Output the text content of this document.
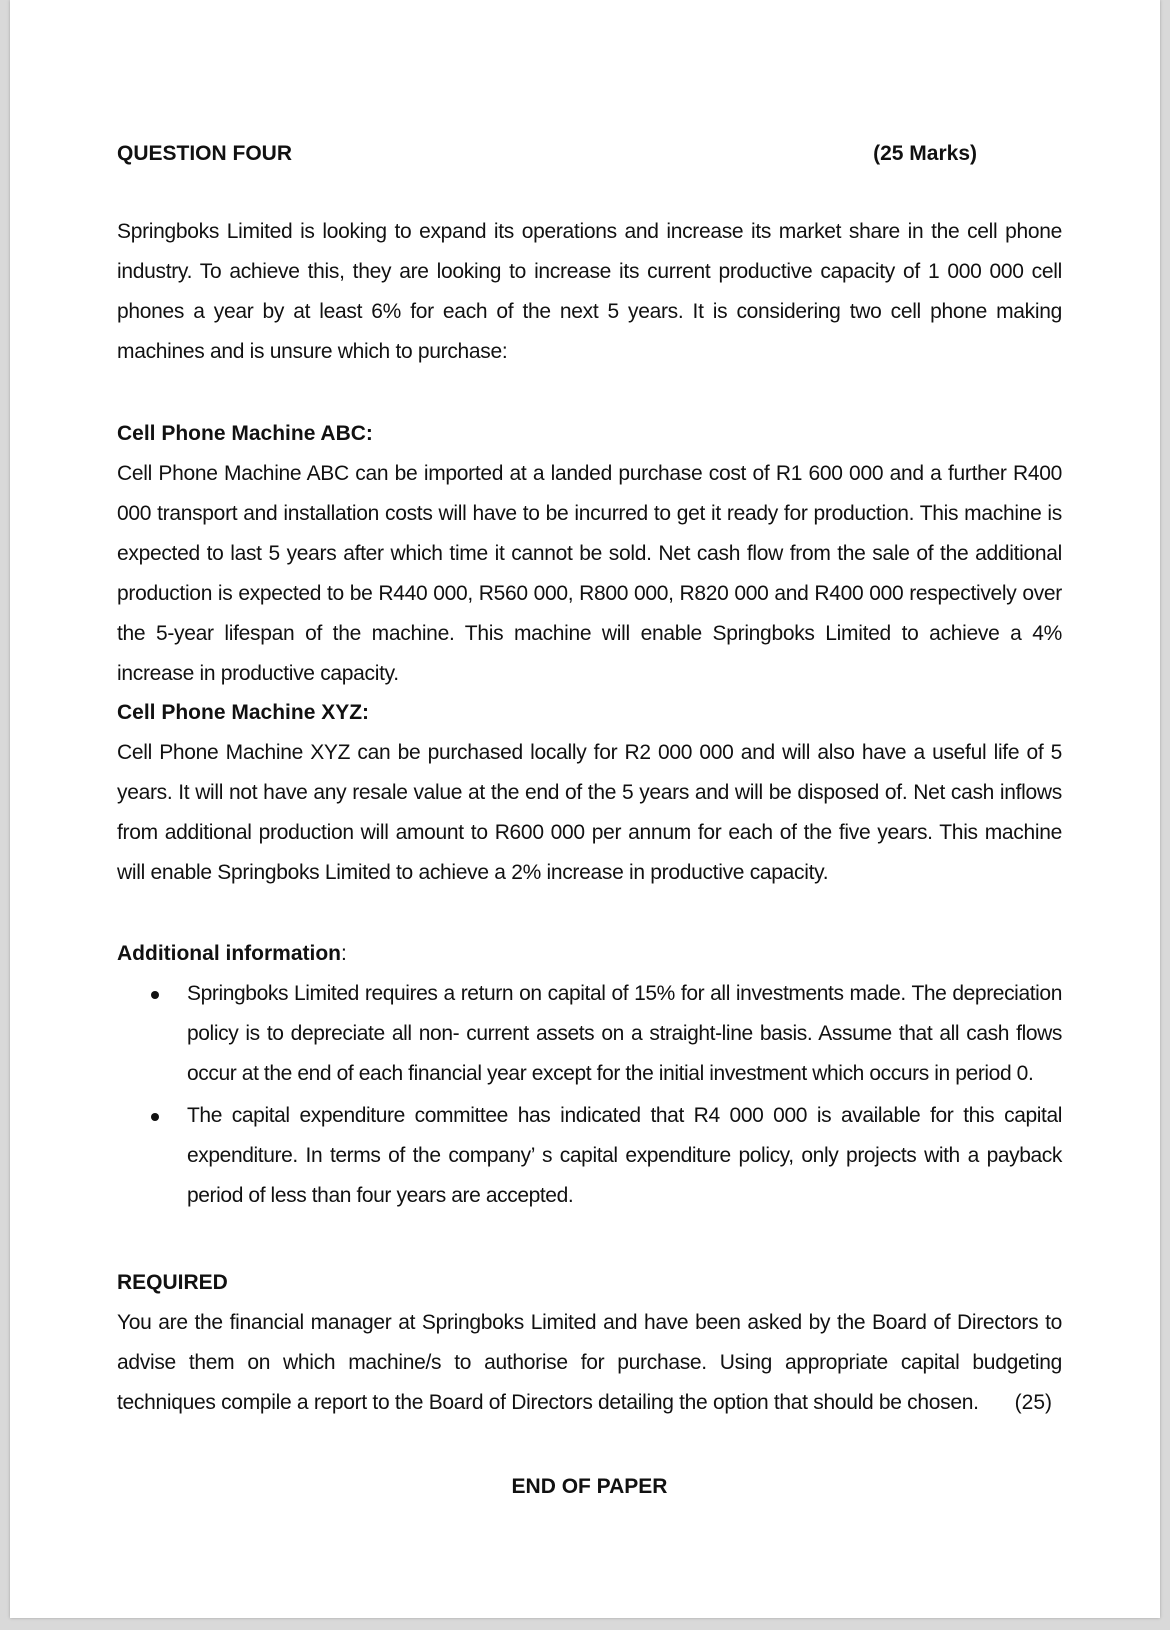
QUESTION FOUR	(25 Marks)

Springboks Limited is looking to expand its operations and increase its market share in the cell phone industry. To achieve this, they are looking to increase its current productive capacity of 1 000 000 cell phones a year by at least 6% for each of the next 5 years. It is considering two cell phone making machines and is unsure which to purchase:

Cell Phone Machine ABC:

Cell Phone Machine ABC can be imported at a landed purchase cost of R1 600 000 and a further R400 000 transport and installation costs will have to be incurred to get it ready for production. This machine is expected to last 5 years after which time it cannot be sold. Net cash flow from the sale of the additional production is expected to be R440 000, R560 000, R800 000, R820 000 and R400 000 respectively over the 5-year lifespan of the machine. This machine will enable Springboks Limited to achieve a 4% increase in productive capacity.

Cell Phone Machine XYZ:

Cell Phone Machine XYZ can be purchased locally for R2 000 000 and will also have a useful life of 5 years. It will not have any resale value at the end of the 5 years and will be disposed of. Net cash inflows from additional production will amount to R600 000 per annum for each of the five years. This machine will enable Springboks Limited to achieve a 2% increase in productive capacity.

Additional information:

Springboks Limited requires a return on capital of 15% for all investments made. The depreciation policy is to depreciate all non- current assets on a straight-line basis. Assume that all cash flows occur at the end of each financial year except for the initial investment which occurs in period 0.
The capital expenditure committee has indicated that R4 000 000 is available for this capital expenditure. In terms of the company’ s capital expenditure policy, only projects with a payback period of less than four years are accepted.

REQUIRED

You are the financial manager at Springboks Limited and have been asked by the Board of Directors to advise them on which machine/s to authorise for purchase. Using appropriate capital budgeting techniques compile a report to the Board of Directors detailing the option that should be chosen.	(25)
END OF PAPER
